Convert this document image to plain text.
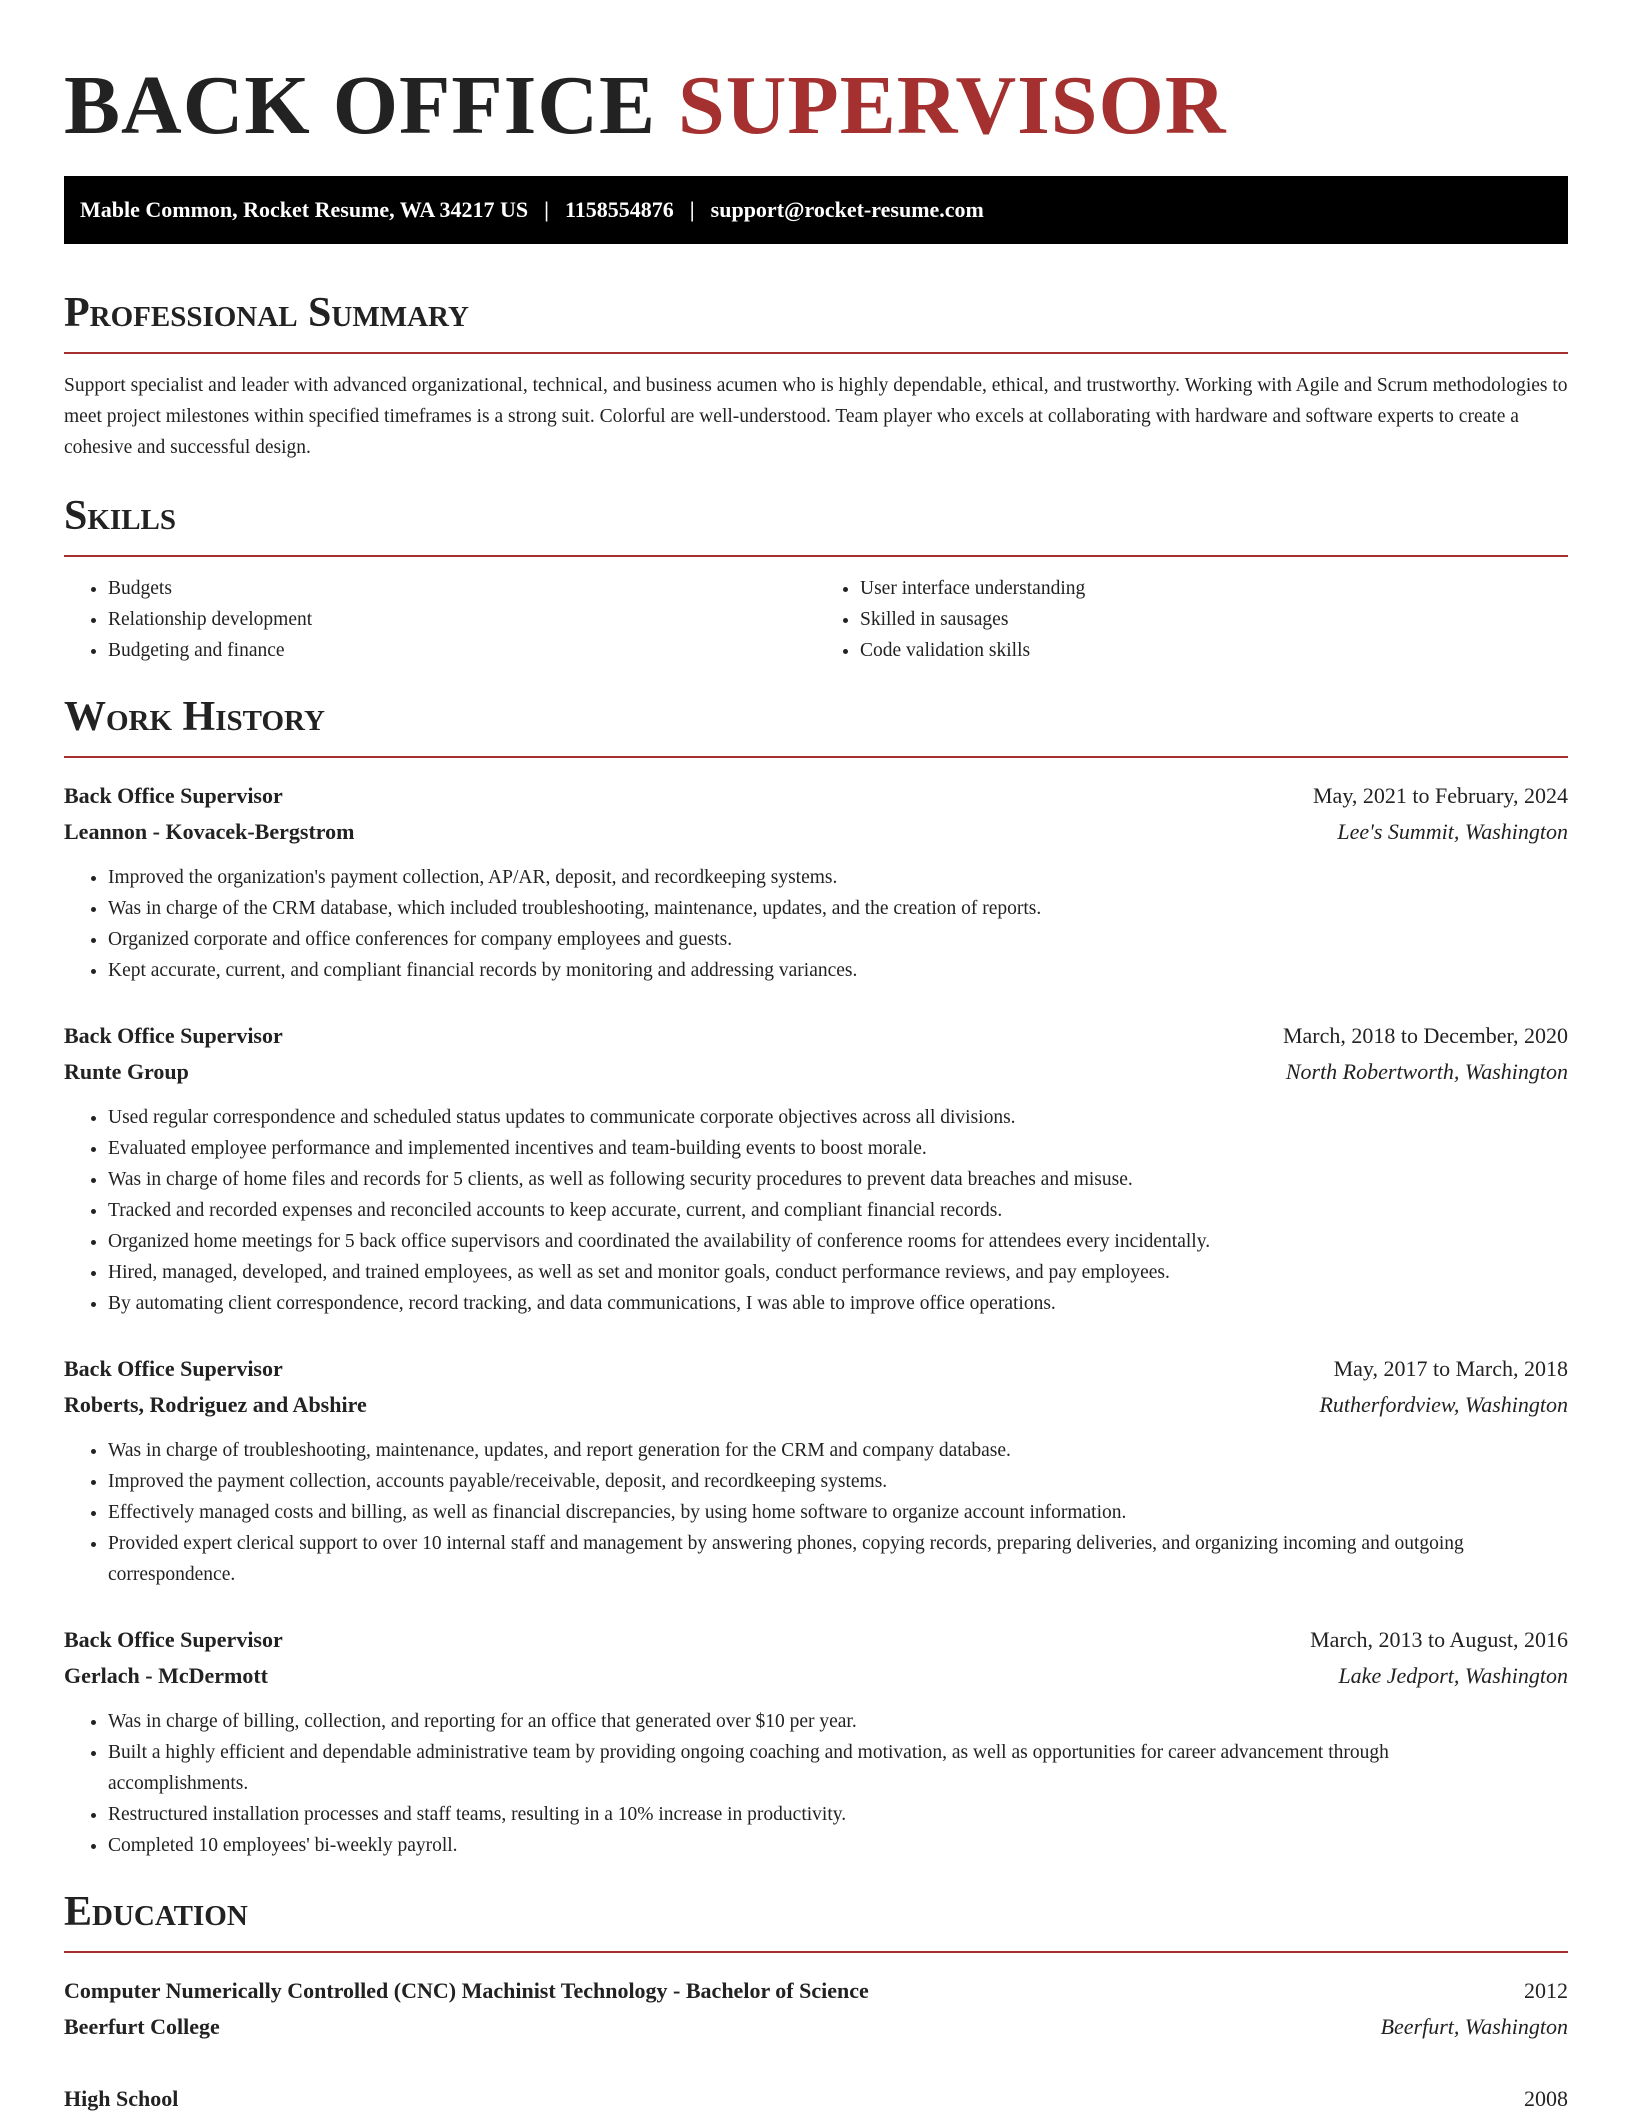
BACK OFFICE SUPERVISOR
Mable Common, Rocket Resume, WA 34217 US | 1158554876 | support@rocket-resume.com
Professional Summary

Support specialist and leader with advanced organizational, technical, and business acumen who is highly dependable, ethical, and trustworthy. Working with Agile and Scrum methodologies to meet project milestones within specified timeframes is a strong suit. Colorful are well-understood. Team player who excels at collaborating with hardware and software experts to create a cohesive and successful design.

Skills
• Budgets
• Relationship development
• Budgeting and finance
• User interface understanding
• Skilled in sausages
• Code validation skills
Work History
Back Office Supervisor	May, 2021 to February, 2024
Leannon - Kovacek-Bergstrom	Lee's Summit, Washington
• Improved the organization's payment collection, AP/AR, deposit, and recordkeeping systems.
• Was in charge of the CRM database, which included troubleshooting, maintenance, updates, and the creation of reports.
• Organized corporate and office conferences for company employees and guests.
• Kept accurate, current, and compliant financial records by monitoring and addressing variances.
Back Office Supervisor	March, 2018 to December, 2020
Runte Group	North Robertworth, Washington
• Used regular correspondence and scheduled status updates to communicate corporate objectives across all divisions.
• Evaluated employee performance and implemented incentives and team-building events to boost morale.
• Was in charge of home files and records for 5 clients, as well as following security procedures to prevent data breaches and misuse.
• Tracked and recorded expenses and reconciled accounts to keep accurate, current, and compliant financial records.
• Organized home meetings for 5 back office supervisors and coordinated the availability of conference rooms for attendees every incidentally.
• Hired, managed, developed, and trained employees, as well as set and monitor goals, conduct performance reviews, and pay employees.
• By automating client correspondence, record tracking, and data communications, I was able to improve office operations.
Back Office Supervisor	May, 2017 to March, 2018
Roberts, Rodriguez and Abshire	Rutherfordview, Washington
• Was in charge of troubleshooting, maintenance, updates, and report generation for the CRM and company database.
• Improved the payment collection, accounts payable/receivable, deposit, and recordkeeping systems.
• Effectively managed costs and billing, as well as financial discrepancies, by using home software to organize account information.
• Provided expert clerical support to over 10 internal staff and management by answering phones, copying records, preparing deliveries, and organizing incoming and outgoing correspondence.
Back Office Supervisor	March, 2013 to August, 2016
Gerlach - McDermott	Lake Jedport, Washington
• Was in charge of billing, collection, and reporting for an office that generated over $10 per year.
• Built a highly efficient and dependable administrative team by providing ongoing coaching and motivation, as well as opportunities for career advancement through accomplishments.
• Restructured installation processes and staff teams, resulting in a 10% increase in productivity.
• Completed 10 employees' bi-weekly payroll.
Education
Computer Numerically Controlled (CNC) Machinist Technology - Bachelor of Science	2012
Beerfurt College	Beerfurt, Washington
High School	2008
